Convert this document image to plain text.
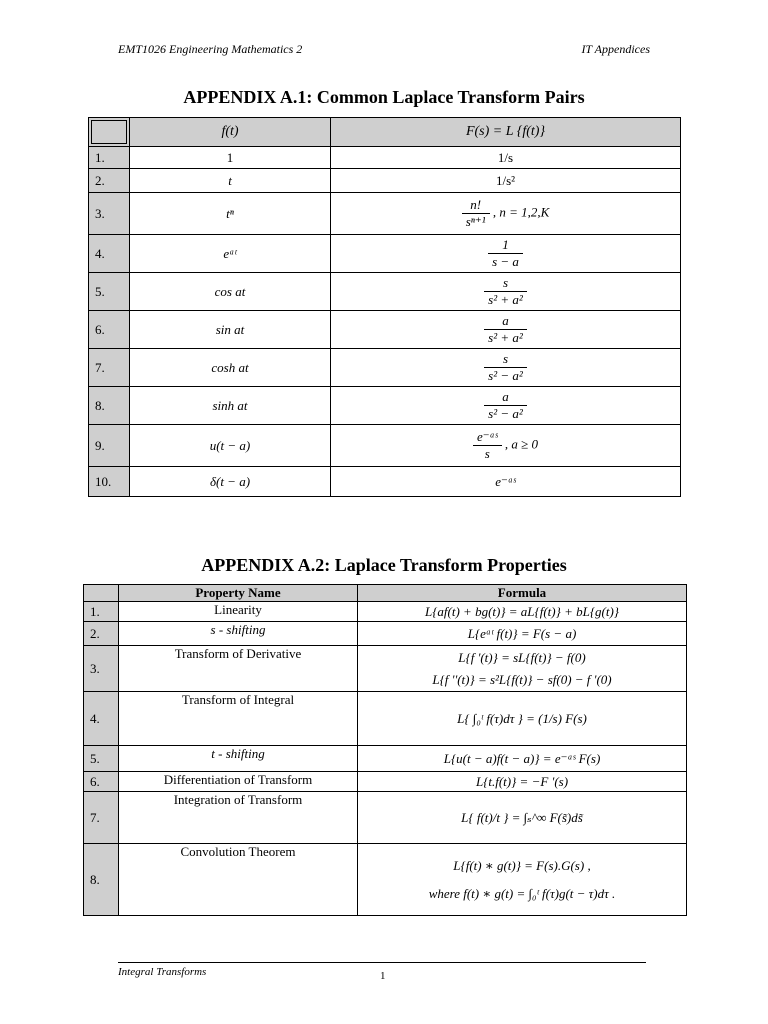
EMT1026 Engineering Mathematics 2	IT Appendices
APPENDIX A.1: Common Laplace Transform Pairs
	f(t)	F(s) = L {f(t)}
1.	1	1/s
2.	t	1/s²
3.	tⁿ	$\frac{n!}{\text{sⁿ⁺¹}}$ , n = 1,2,K
4.	eᵃᵗ	$\frac{1}{s - a}$

5.	cos at	$\frac{s}{\text{s² + a²}}$

6.	sin at	$\frac{a}{\text{s² + a²}}$

7.	cosh at	$\frac{s}{\text{s² − a²}}$

8.	sinh at	$\frac{a}{\text{s² − a²}}$

9.	u(t − a)	$\frac{\text{e⁻ᵃˢ}}{s}$ , a ≥ 0
10.	δ(t − a)	e⁻ᵃˢ
APPENDIX A.2: Laplace Transform Properties
	Property Name	Formula
1.	Linearity	L{af(t) + bg(t)} = aL{f(t)} + bL{g(t)}
2.	s - shifting	L{eᵃᵗ f(t)} = F(s − a)
3.	Transform of Derivative	L{f '(t)} = sL{f(t)} − f(0)
L{f ''(t)} = s²L{f(t)} − sf(0) − f '(0)

4.	Transform of Integral	L{ ∫₀ᵗ f(τ)dτ } = (1/s) F(s)
5.	t - shifting	L{u(t − a)f(t − a)} = e⁻ᵃˢ F(s)
6.	Differentiation of Transform	L{t.f(t)} = −F '(s)
7.	Integration of Transform	L{ f(t)/t } = ∫ₛ^∞ F(s̃)ds̃
8.	Convolution Theorem	L{f(t) ∗ g(t)} = F(s).G(s) ,
where f(t) ∗ g(t) = ∫₀ᵗ f(τ)g(t − τ)dτ .
Integral Transforms	1
